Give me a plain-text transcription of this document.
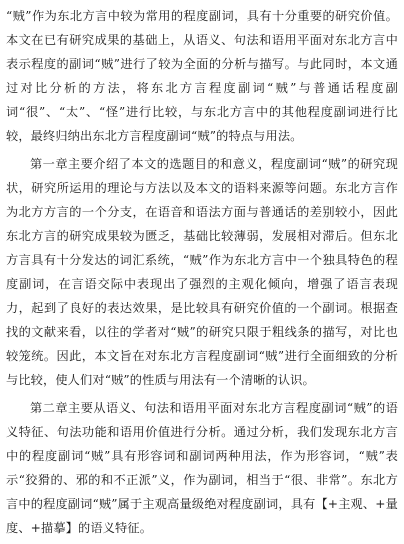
“贼”作为东北方言中较为常用的程度副词，具有十分重要的研究价值。本文在已有研究成果的基础上，从语义、句法和语用平面对东北方言中表示程度的副词“贼”进行了较为全面的分析与描写。与此同时，本文通过对比分析的方法，将东北方言程度副词“贼”与普通话程度副词“很”、“太”、“怪”进行比较，与东北方言中的其他程度副词进行比较，最终归纳出东北方言程度副词“贼”的特点与用法。

第一章主要介绍了本文的选题目的和意义，程度副词“贼”的研究现状，研究所运用的理论与方法以及本文的语料来源等问题。东北方言作为北方方言的一个分支，在语音和语法方面与普通话的差别较小，因此东北方言的研究成果较为匮乏，基础比较薄弱，发展相对滞后。但东北方言具有十分发达的词汇系统，“贼”作为东北方言中一个独具特色的程度副词，在言语交际中表现出了强烈的主观化倾向，增强了语言表现力，起到了良好的表达效果，是比较具有研究价值的一个副词。根据查找的文献来看，以往的学者对“贼”的研究只限于粗线条的描写，对比也较笼统。因此，本文旨在对东北方言程度副词“贼”进行全面细致的分析与比较，使人们对“贼”的性质与用法有一个清晰的认识。

第二章主要从语义、句法和语用平面对东北方言程度副词“贼”的语义特征、句法功能和语用价值进行分析。通过分析，我们发现东北方言中的程度副词“贼”具有形容词和副词两种用法，作为形容词，“贼”表示“狡猾的、邪的和不正派”义，作为副词，相当于“很、非常”。东北方言中的程度副词“贼”属于主观高量级绝对程度副词，具有【+主观、+量度、+描摹】的语义特征。
